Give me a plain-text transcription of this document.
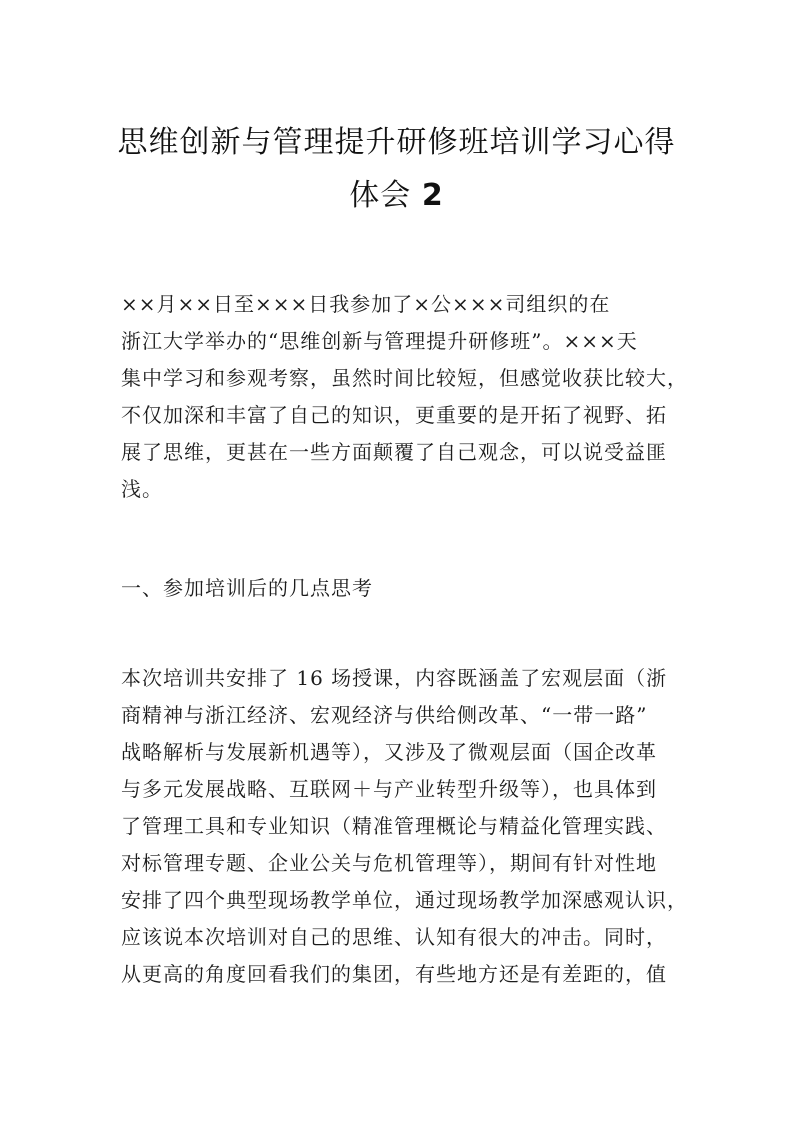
思维创新与管理提升研修班培训学习心得
体会 2
××月××日至×××日我参加了×公×××司组织的在
浙江大学举办的“思维创新与管理提升研修班”。×××天
集中学习和参观考察，虽然时间比较短，但感觉收获比较大，
不仅加深和丰富了自己的知识，更重要的是开拓了视野、拓
展了思维，更甚在一些方面颠覆了自己观念，可以说受益匪
浅。
一、参加培训后的几点思考
本次培训共安排了 16 场授课，内容既涵盖了宏观层面（浙
商精神与浙江经济、宏观经济与供给侧改革、“一带一路”
战略解析与发展新机遇等），又涉及了微观层面（国企改革
与多元发展战略、互联网＋与产业转型升级等），也具体到
了管理工具和专业知识（精准管理概论与精益化管理实践、
对标管理专题、企业公关与危机管理等），期间有针对性地
安排了四个典型现场教学单位，通过现场教学加深感观认识，
应该说本次培训对自己的思维、认知有很大的冲击。同时，
从更高的角度回看我们的集团，有些地方还是有差距的，值
